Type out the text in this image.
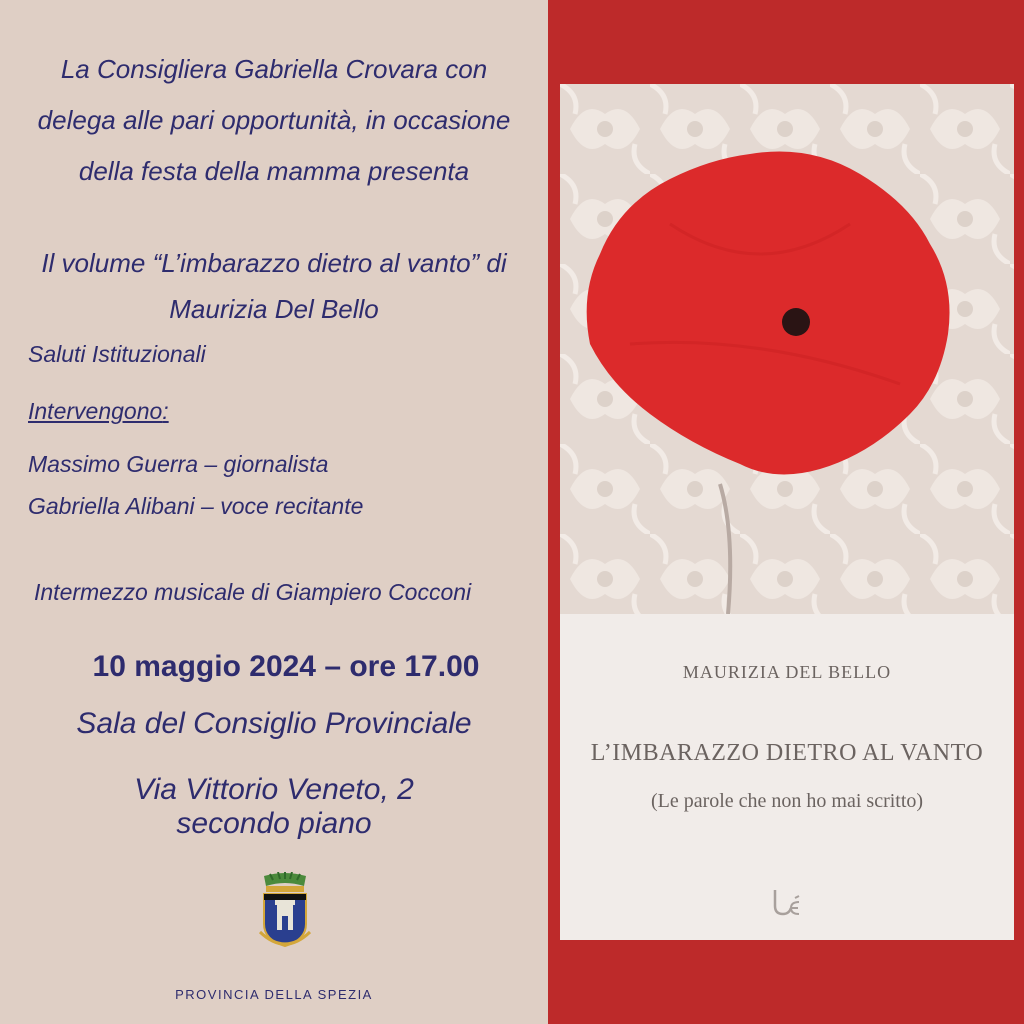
La Consigliera Gabriella Crovara con
delega alle pari opportunità, in occasione
della festa della mamma presenta
Il volume “L’imbarazzo dietro al vanto” di
Maurizia Del Bello
Saluti Istituzionali
Intervengono:
Massimo Guerra – giornalista
Gabriella Alibani – voce recitante
Intermezzo musicale di Giampiero Cocconi
10 maggio 2024 – ore 17.00
Sala del Consiglio Provinciale
Via Vittorio Veneto, 2
secondo piano
PROVINCIA DELLA SPEZIA
MAURIZIA DEL BELLO
L’IMBARAZZO DIETRO AL VANTO
(Le parole che non ho mai scritto)
